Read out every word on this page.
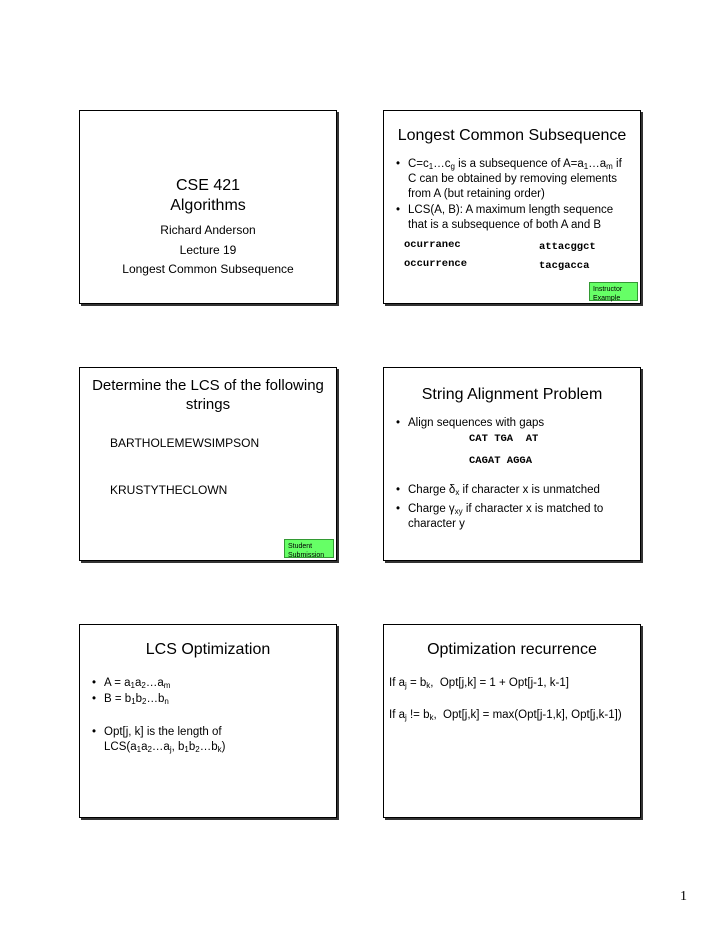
CSE 421
Algorithms
Richard Anderson
Lecture 19
Longest Common Subsequence
Longest Common Subsequence
• $C=c_1\dots c_g$ is a subsequence of $A=a_1\dots a_m$ if
C can be obtained by removing elements
from A (but retaining order)
• LCS(A, B): A maximum length sequence
that is a subsequence of both A and B
ocurranec
occurrence
attacggct
tacgacca
Instructor
Example
Determine the LCS of the following
strings
BARTHOLEMEWSIMPSON
KRUSTYTHECLOWN
Student
Submission
String Alignment Problem
• Align sequences with gaps
CAT TGA  AT
CAGAT AGGA
• Charge $\delta_x$ if character x is unmatched
• Charge $\gamma_{xy}$ if character x is matched to
character y
LCS Optimization
• $A = a_1a_2\dots a_m$
• $B = b_1b_2\dots b_n$
• Opt[j, k] is the length of
$LCS(a_1a_2\dots a_j$, $b_1b_2\dots b_k$)
Optimization recurrence
If $a_j = b_k$,  Opt[j,k] = 1 + Opt[j-1, k-1]
If $a_j$ != $b_k$,  Opt[j,k] = max(Opt[j-1,k], Opt[j,k-1])
1
